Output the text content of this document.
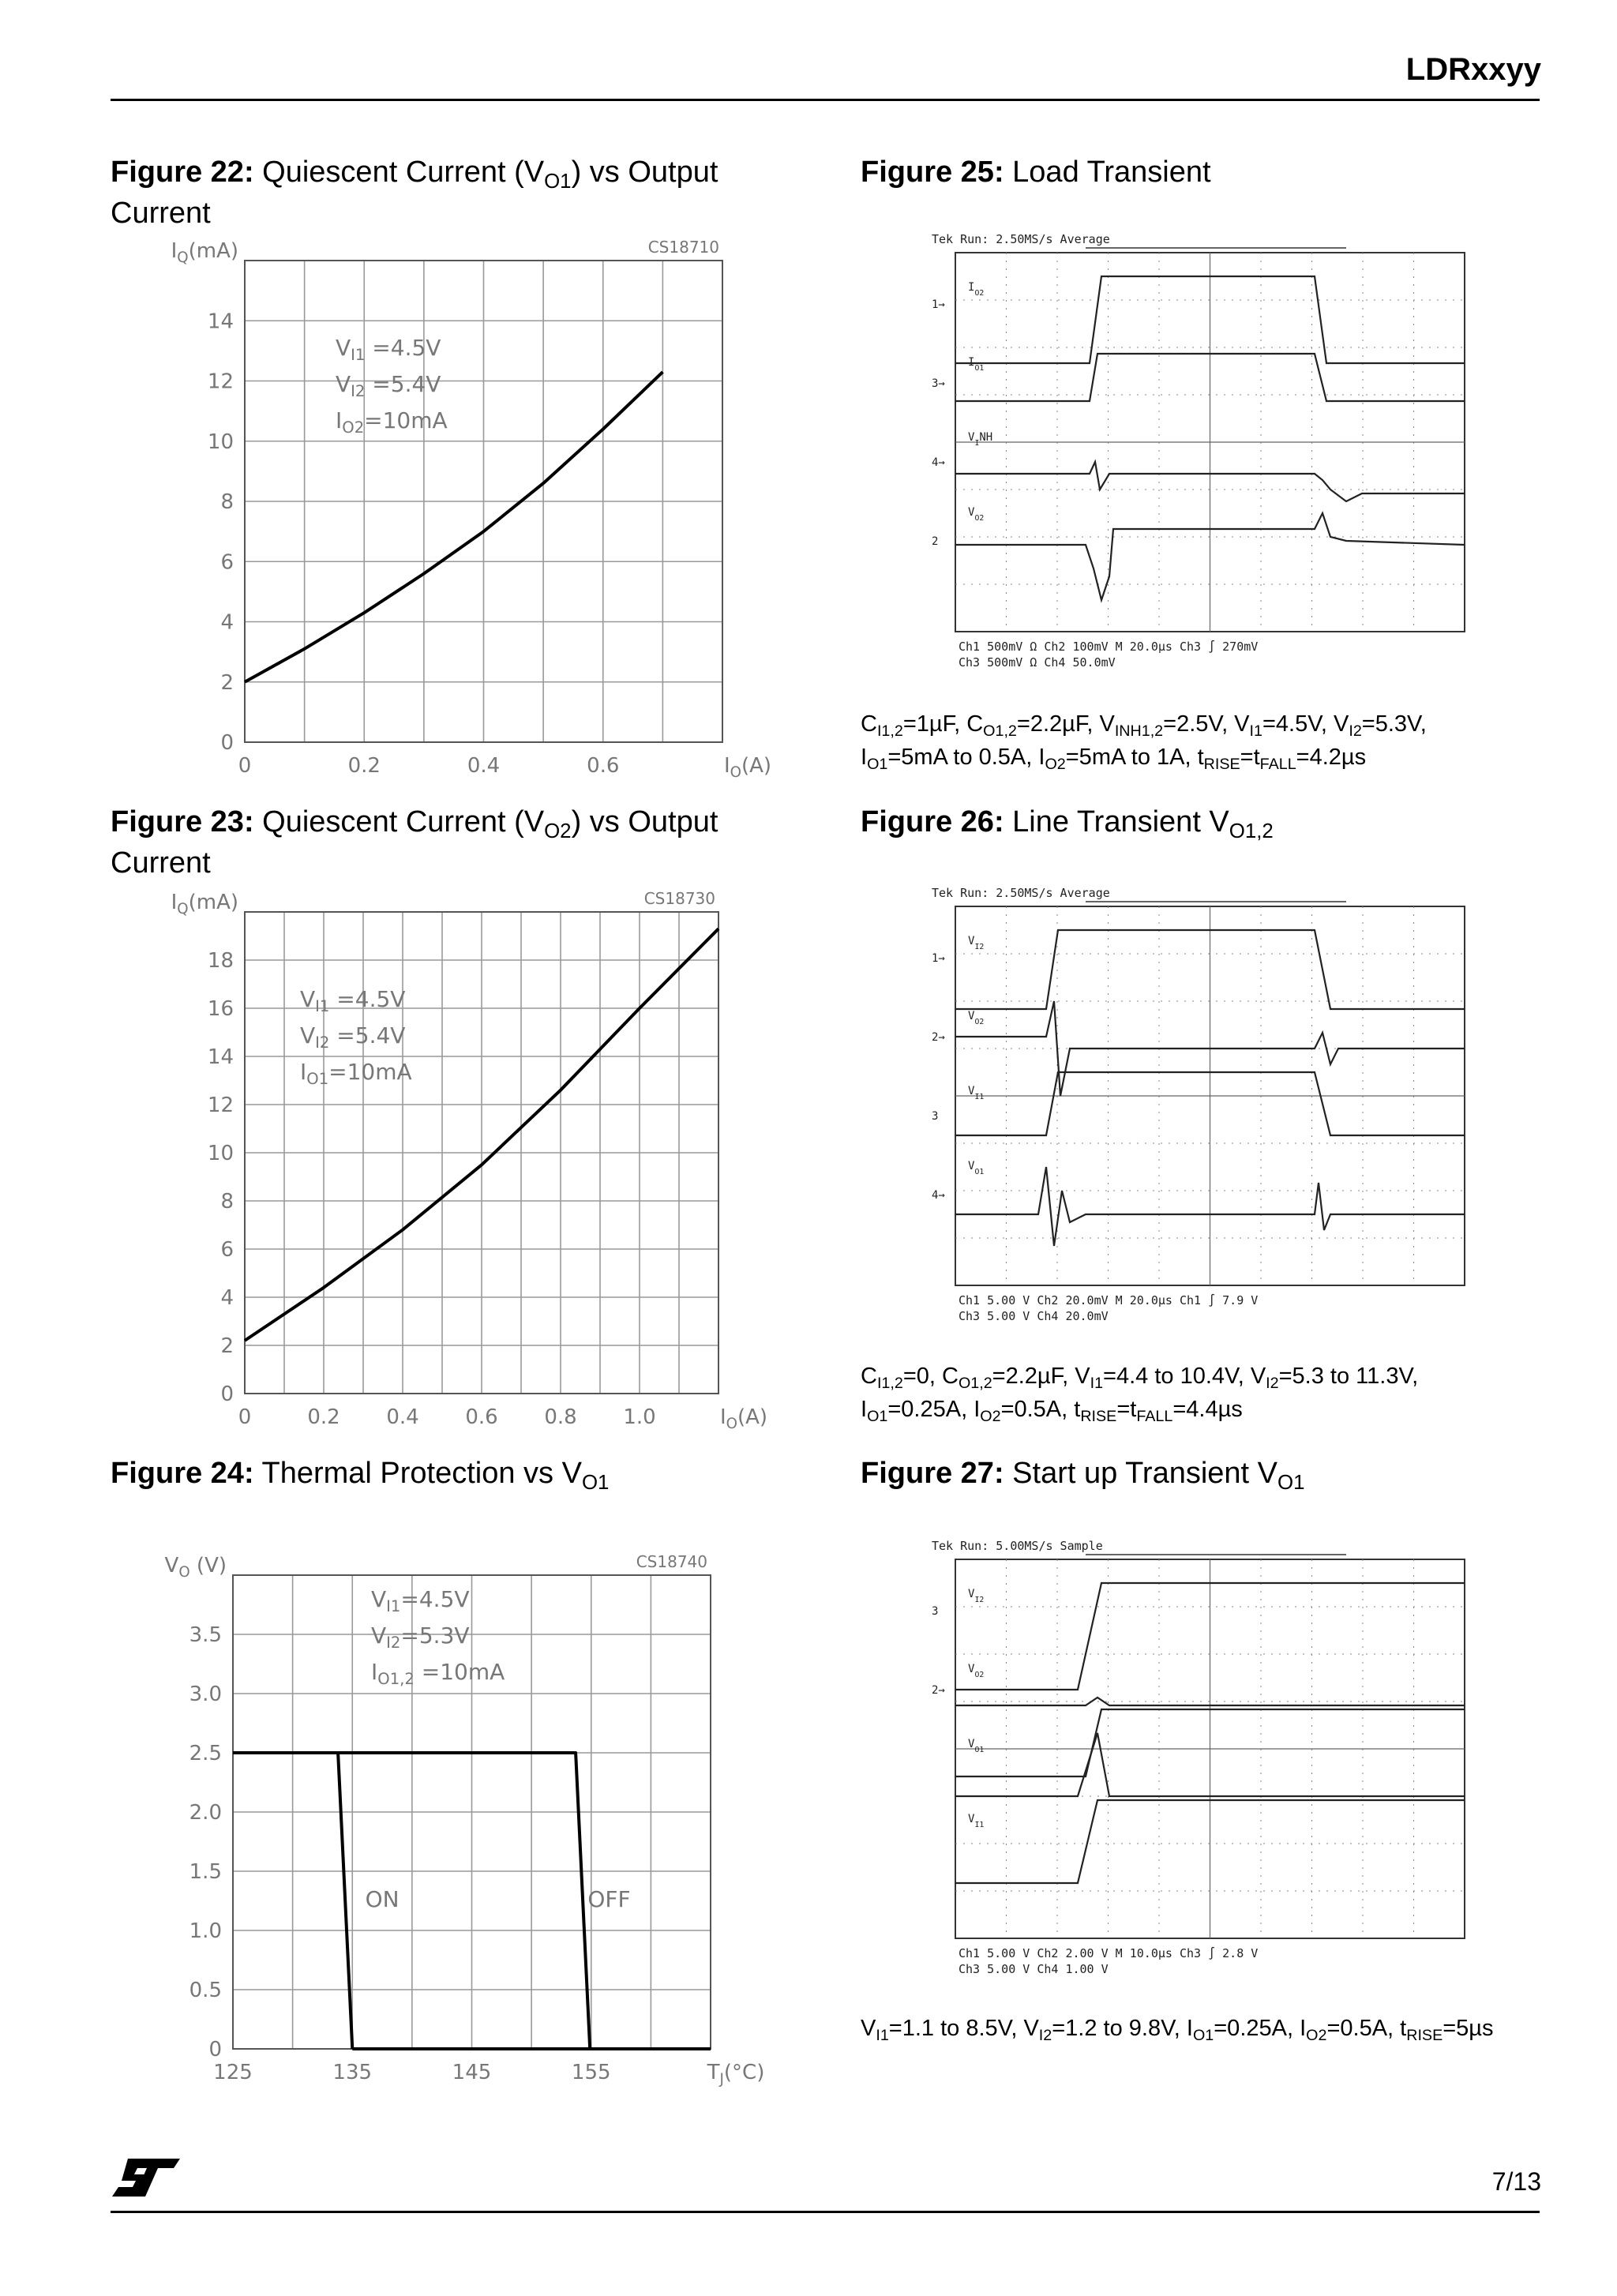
LDRxxyy
Figure 22: Quiescent Current $(V_{O1})$ vs Output
Current
0	0.2	0.4	0.6
0
2
4
6
8
10
12
14
$I_O(A)$
$I_Q(mA)$	CS18710
$V_{I1} =4.5V$
$V_{I2} =5.4V$
$I_{O2}=10mA$
Figure 23: Quiescent Current $(V_{O2})$ vs Output
Current
0	0.2 0.4 0.6 0.8 1.0
0
2
4
6
8
10
12
14
16
18
$I_O(A)$
$I_Q(mA)$	CS18730
$V_{I1} =4.5V$
$V_{I2} =5.4V$
$I_{O1}=10mA$
Figure 24: Thermal Protection vs $V_{O1}$
125	135	145	155
0
0.5
1.0
1.5
2.0
2.5
3.0
3.5
$T_J(^\circ C)$
$V_O$ (V)	CS18740
$V_{I1}=4.5V$
$V_{I2}=5.3V$
$I_{O1,2} =10mA$
ON	OFF
Figure 25: Load Transient
Tek Run: 2.50MS/s Average
$I_{O2}$
$I_{O1}$
$V_INH$
$V_{O2}$
1→
3→
4→
2
Ch1 500mV Ω Ch2 100mV M 20.0µs Ch3 ∫ 270mV
Ch3 500mV Ω Ch4 50.0mV
$C_{I1,2}=1\mu F$, $C_{O1,2}=2.2\mu F$, $V_{INH1,2}=2.5V$, $V_{I1}=4.5V$, $V_{I2}=5.3V$,
$I_{O1}=5mA$ to 0.5A, $I_{O2}=5mA$ to 1A, $t_{RISE}=t_{FALL}=4.2\mu s$
Figure 26: Line Transient $V_{O1,2}$
Tek Run: 2.50MS/s Average
$V_{I2}$
$V_{O2}$
$V_{I1}$
$V_{O1}$
1→
2→
3
4→
Ch1 5.00 V Ch2 20.0mV M 20.0µs Ch1 ∫ 7.9 V
Ch3 5.00 V Ch4 20.0mV
$C_{I1,2}=0$, $C_{O1,2}=2.2\mu F$, $V_{I1}=4.4$ to 10.4V, $V_{I2}=5.3$ to 11.3V,
$I_{O1}=0.25A$, $I_{O2}=0.5A$, $t_{RISE}=t_{FALL}=4.4\mu s$
Figure 27: Start up Transient $V_{O1}$
Tek Run: 5.00MS/s Sample
$V_{I2}$
$V_{O2}$
$V_{O1}$
$V_{I1}$
3
2→
Ch1 5.00 V Ch2 2.00 V M 10.0µs Ch3 ∫ 2.8 V
Ch3 5.00 V Ch4 1.00 V
$V_{I1}=1.1$ to 8.5V, $V_{I2}=1.2$ to 9.8V, $I_{O1}=0.25A$, $I_{O2}=0.5A$, $t_{RISE}=5\mu s$
7/13
